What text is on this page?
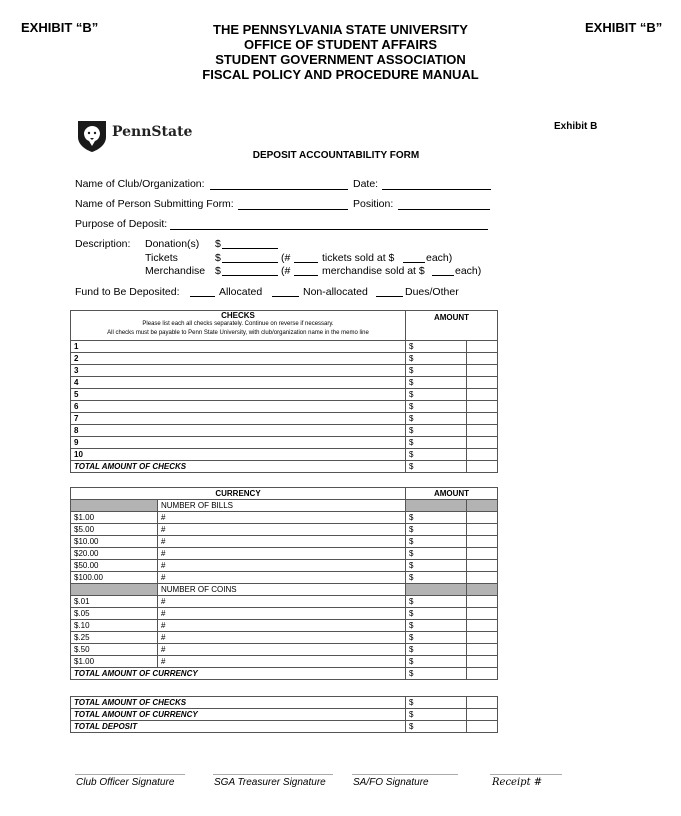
EXHIBIT “B”	EXHIBIT “B”
THE PENNSYLVANIA STATE UNIVERSITY
OFFICE OF STUDENT AFFAIRS
STUDENT GOVERNMENT ASSOCIATION
FISCAL POLICY AND PROCEDURE MANUAL
PennState	Exhibit B
DEPOSIT ACCOUNTABILITY FORM
Name of Club/Organization:	Date:
Name of Person Submitting Form:	Position:
Purpose of Deposit:
Description: Donation(s) $
Tickets	$	(#	tickets sold at $	each)
Merchandise $	(#	merchandise sold at $	each)
Fund to Be Deposited:	Allocated	Non-allocated	Dues/Other
CHECKS
Please list each all checks separately. Continue on reverse if necessary.
All checks must be payable to Penn State University, with club/organization name in the memo line	AMOUNT	
1	$	
2	$	
3	$	
4	$	
5	$	
6	$	
7	$	
8	$	
9	$	
10	$	
TOTAL AMOUNT OF CHECKS	$	
CURRENCY		AMOUNT	
	NUMBER OF BILLS		
$1.00	#	$	
$5.00	#	$	
$10.00	#	$	
$20.00	#	$	
$50.00	#	$	
$100.00	#	$	
	NUMBER OF COINS		
$.01	#	$	
$.05	#	$	
$.10	#	$	
$.25	#	$	
$.50	#	$	
$1.00	#	$	
TOTAL AMOUNT OF CURRENCY		$	
TOTAL AMOUNT OF CHECKS	$	
TOTAL AMOUNT OF CURRENCY	$	
TOTAL DEPOSIT	$	
Club Officer Signature	SGA Treasurer Signature	SA/FO Signature	Receipt #
